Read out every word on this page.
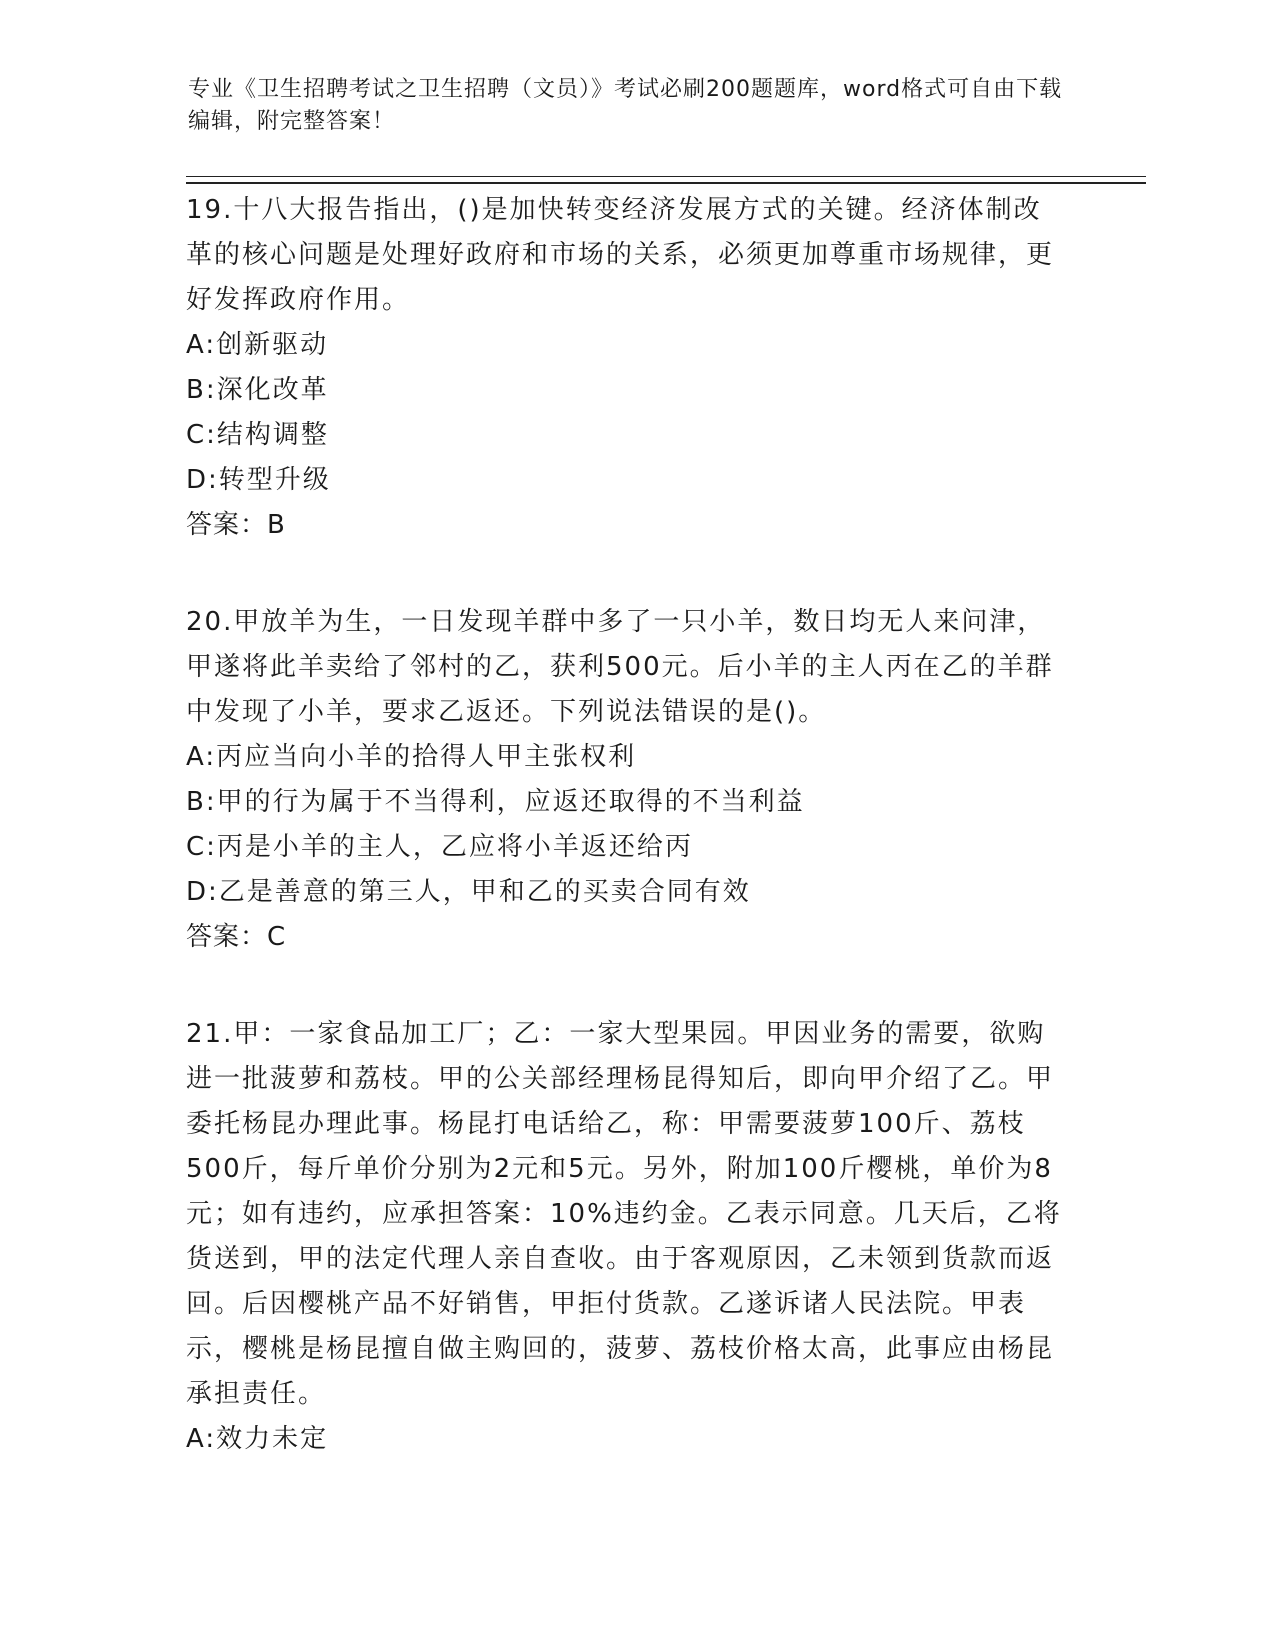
专业《卫生招聘考试之卫生招聘（文员）》考试必刷200题题库，word格式可自由下载编辑，附完整答案！

19.十八大报告指出，()是加快转变经济发展方式的关键。经济体制改革的核心问题是处理好政府和市场的关系，必须更加尊重市场规律，更好发挥政府作用。

A:创新驱动

B:深化改革

C:结构调整

D:转型升级

答案：B

20.甲放羊为生，一日发现羊群中多了一只小羊，数日均无人来问津，甲遂将此羊卖给了邻村的乙，获利500元。后小羊的主人丙在乙的羊群中发现了小羊，要求乙返还。下列说法错误的是()。

A:丙应当向小羊的拾得人甲主张权利

B:甲的行为属于不当得利，应返还取得的不当利益

C:丙是小羊的主人，乙应将小羊返还给丙

D:乙是善意的第三人，甲和乙的买卖合同有效

答案：C

21.甲：一家食品加工厂；乙：一家大型果园。甲因业务的需要，欲购进一批菠萝和荔枝。甲的公关部经理杨昆得知后，即向甲介绍了乙。甲委托杨昆办理此事。杨昆打电话给乙，称：甲需要菠萝100斤、荔枝500斤，每斤单价分别为2元和5元。另外，附加100斤樱桃，单价为8元；如有违约，应承担答案：10%违约金。乙表示同意。几天后，乙将货送到，甲的法定代理人亲自查收。由于客观原因，乙未领到货款而返回。后因樱桃产品不好销售，甲拒付货款。乙遂诉诸人民法院。甲表示，樱桃是杨昆擅自做主购回的，菠萝、荔枝价格太高，此事应由杨昆承担责任。

A:效力未定
